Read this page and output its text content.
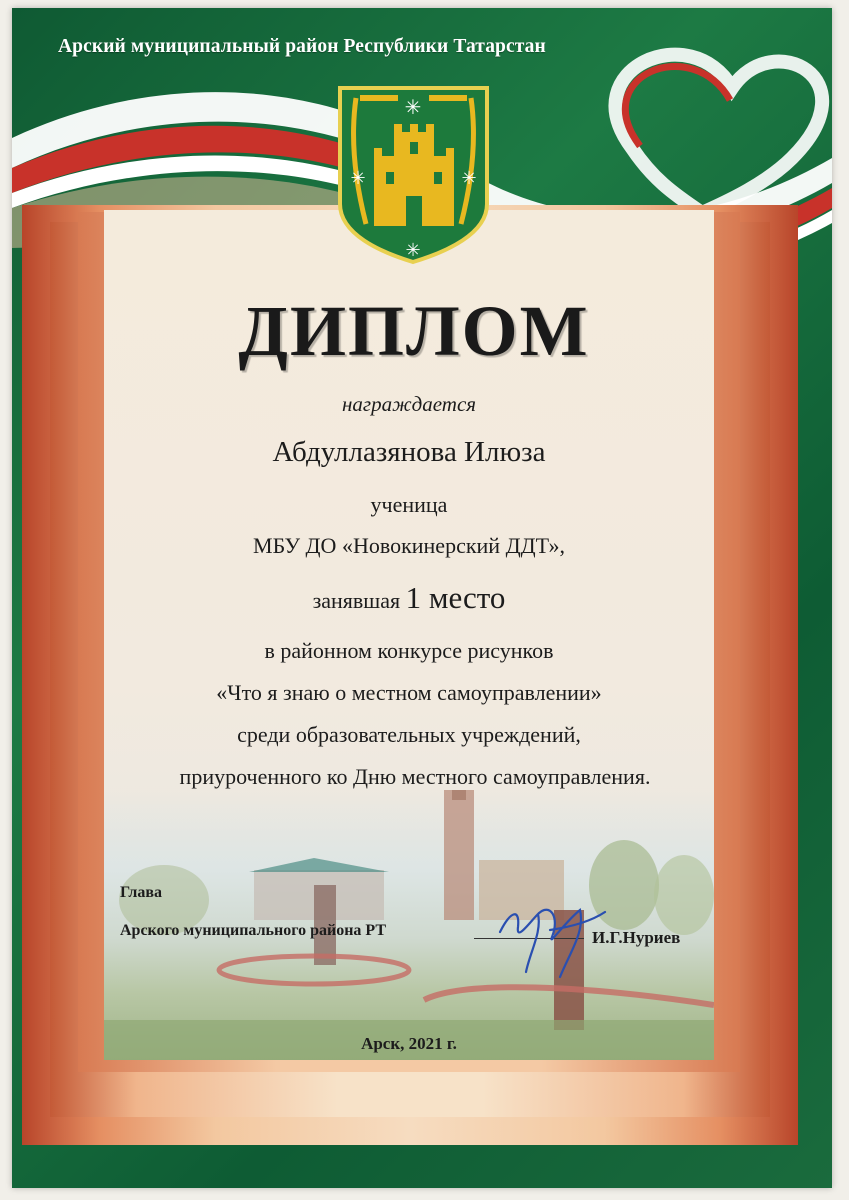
Арский муниципальный район Республики Татарстан
✳
✳	✳
✳
ДИПЛОМ
награждается
Абдуллазянова Илюза
ученица
МБУ ДО «Новокинерский ДДТ»,
занявшая 1 место
в районном конкурсе рисунков
«Что я знаю о местном самоуправлении»
среди образовательных учреждений,
приуроченного ко Дню местного самоуправления.
Глава
Арского муниципального района РТ	И.Г.Нуриев
Арск, 2021 г.
